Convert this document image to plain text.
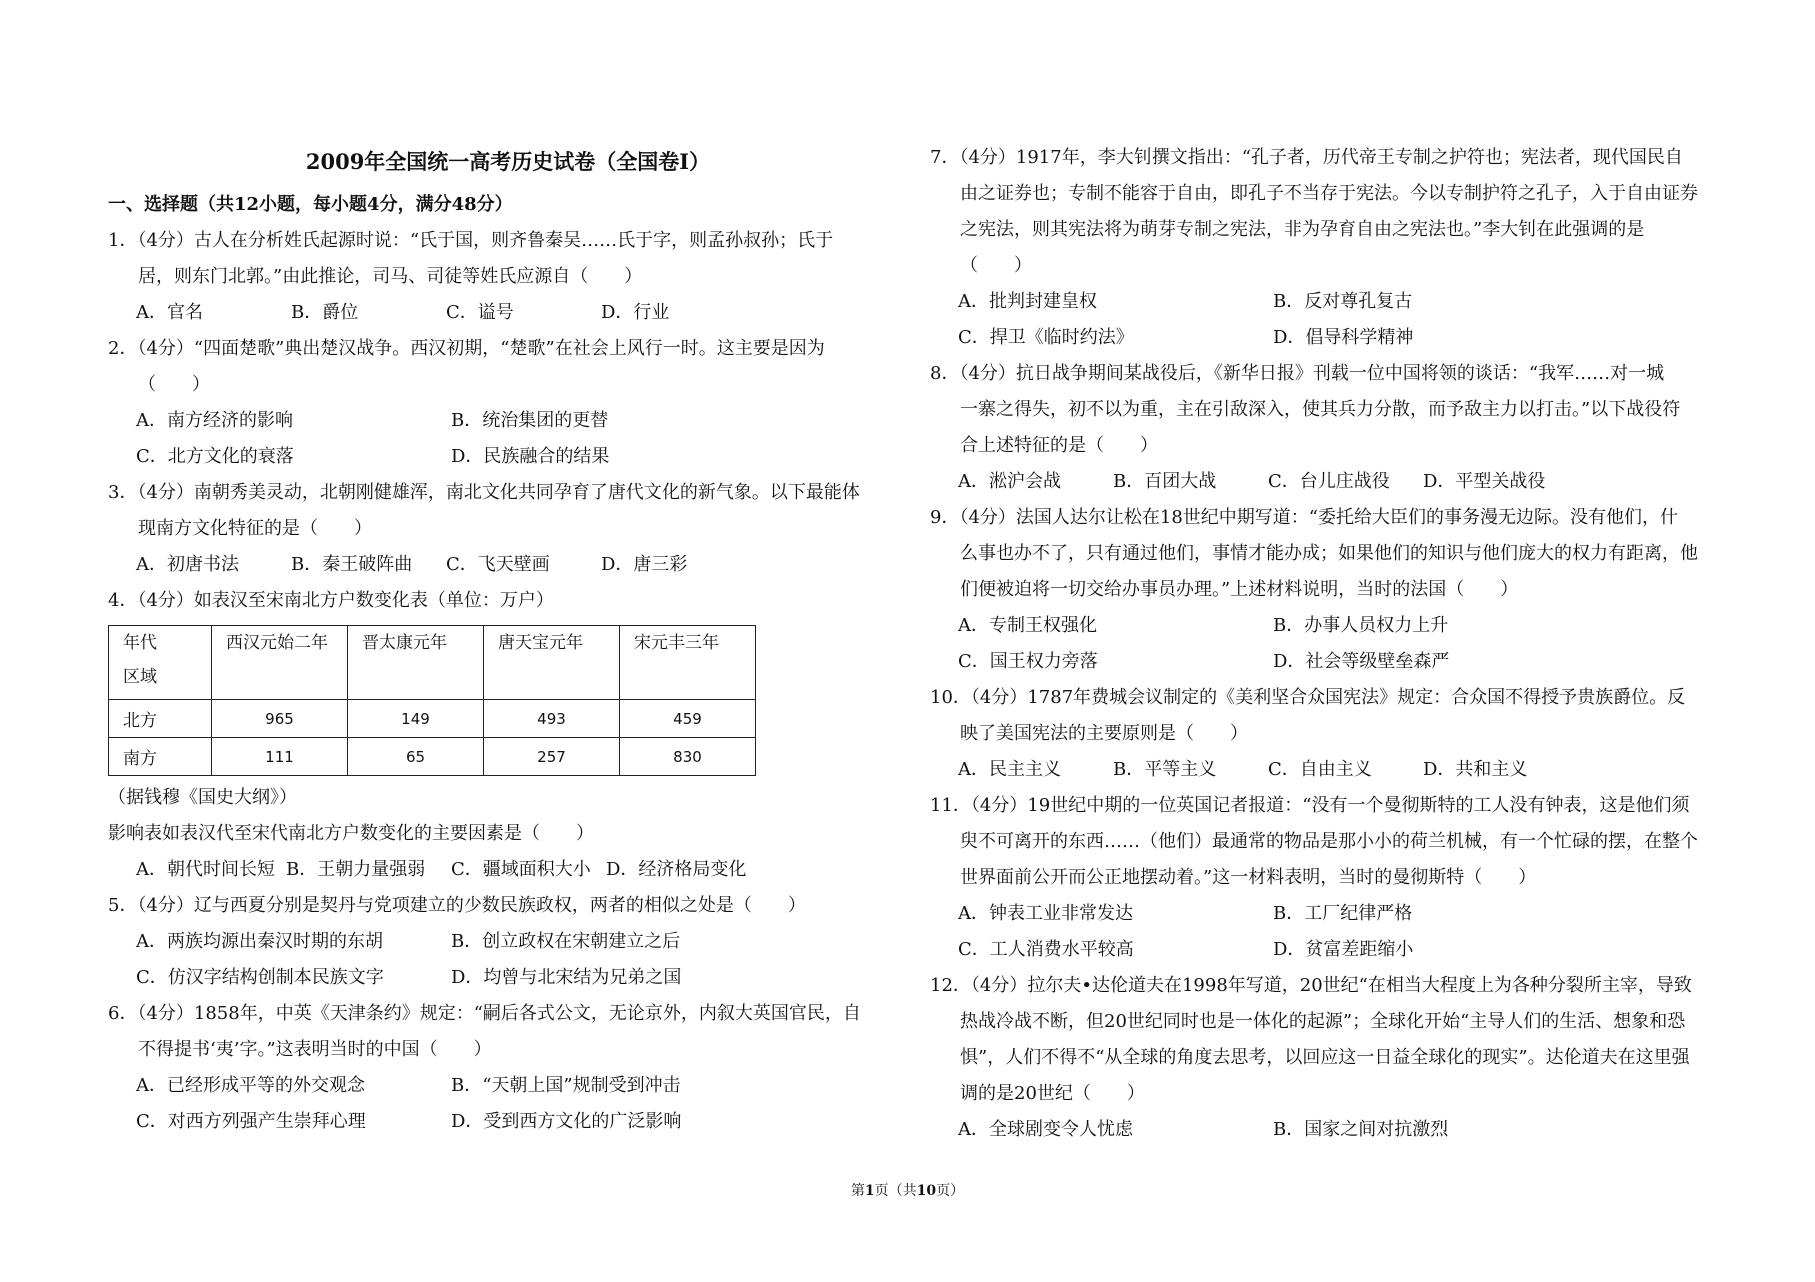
2009年全国统一高考历史试卷（全国卷I）
一、选择题（共12小题，每小题4分，满分48分）
1．（4分）古人在分析姓氏起源时说：“氏于国，则齐鲁秦吴……氏于字，则孟孙叔孙；氏于
居，则东门北郭。”由此推论，司马、司徒等姓氏应源自（　　）
A．官名	B．爵位	C．谥号	D．行业
2．（4分）“四面楚歌”典出楚汉战争。西汉初期，“楚歌”在社会上风行一时。这主要是因为
（　　）
A．南方经济的影响	B．统治集团的更替
C．北方文化的衰落	D．民族融合的结果
3．（4分）南朝秀美灵动，北朝刚健雄浑，南北文化共同孕育了唐代文化的新气象。以下最能体
现南方文化特征的是（　　）
A．初唐书法	B．秦王破阵曲	C．飞天壁画	D．唐三彩
4．（4分）如表汉至宋南北方户数变化表（单位：万户）
年代
区域	西汉元始二年	晋太康元年	唐天宝元年	宋元丰三年
北方	965	149	493	459
南方	111	65	257	830
（据钱穆《国史大纲》）
影响表如表汉代至宋代南北方户数变化的主要因素是（　　）
A．朝代时间长短 B．王朝力量强弱	C．疆域面积大小 D．经济格局变化
5．（4分）辽与西夏分别是契丹与党项建立的少数民族政权，两者的相似之处是（　　）
A．两族均源出秦汉时期的东胡	B．创立政权在宋朝建立之后
C．仿汉字结构创制本民族文字	D．均曾与北宋结为兄弟之国
6．（4分）1858年，中英《天津条约》规定：“嗣后各式公文，无论京外，内叙大英国官民，自
不得提书‘夷’字。”这表明当时的中国（　　）
A．已经形成平等的外交观念	B．“天朝上国”规制受到冲击
C．对西方列强产生崇拜心理	D．受到西方文化的广泛影响
7．（4分）1917年，李大钊撰文指出：“孔子者，历代帝王专制之护符也；宪法者，现代国民自
由之证券也；专制不能容于自由，即孔子不当存于宪法。今以专制护符之孔子，入于自由证券
之宪法，则其宪法将为萌芽专制之宪法，非为孕育自由之宪法也。”李大钊在此强调的是
（　　）
A．批判封建皇权	B．反对尊孔复古
C．捍卫《临时约法》	D．倡导科学精神
8．（4分）抗日战争期间某战役后，《新华日报》刊载一位中国将领的谈话：“我军……对一城
一寨之得失，初不以为重，主在引敌深入，使其兵力分散，而予敌主力以打击。”以下战役符
合上述特征的是（　　）
A．淞沪会战	B．百团大战	C．台儿庄战役	D．平型关战役
9．（4分）法国人达尔让松在18世纪中期写道：“委托给大臣们的事务漫无边际。没有他们，什
么事也办不了，只有通过他们，事情才能办成；如果他们的知识与他们庞大的权力有距离，他
们便被迫将一切交给办事员办理。”上述材料说明，当时的法国（　　）
A．专制王权强化	B．办事人员权力上升
C．国王权力旁落	D．社会等级壁垒森严
10．（4分）1787年费城会议制定的《美利坚合众国宪法》规定：合众国不得授予贵族爵位。反
映了美国宪法的主要原则是（　　）
A．民主主义	B．平等主义	C．自由主义	D．共和主义
11．（4分）19世纪中期的一位英国记者报道：“没有一个曼彻斯特的工人没有钟表，这是他们须
臾不可离开的东西……（他们）最通常的物品是那小小的荷兰机械，有一个忙碌的摆，在整个
世界面前公开而公正地摆动着。”这一材料表明，当时的曼彻斯特（　　）
A．钟表工业非常发达	B．工厂纪律严格
C．工人消费水平较高	D．贫富差距缩小
12．（4分）拉尔夫•达伦道夫在1998年写道，20世纪“在相当大程度上为各种分裂所主宰，导致
热战冷战不断，但20世纪同时也是一体化的起源”；全球化开始“主导人们的生活、想象和恐
惧”，人们不得不“从全球的角度去思考，以回应这一日益全球化的现实”。达伦道夫在这里强
调的是20世纪（　　）
A．全球剧变令人忧虑	B．国家之间对抗激烈
第1页（共10页）
